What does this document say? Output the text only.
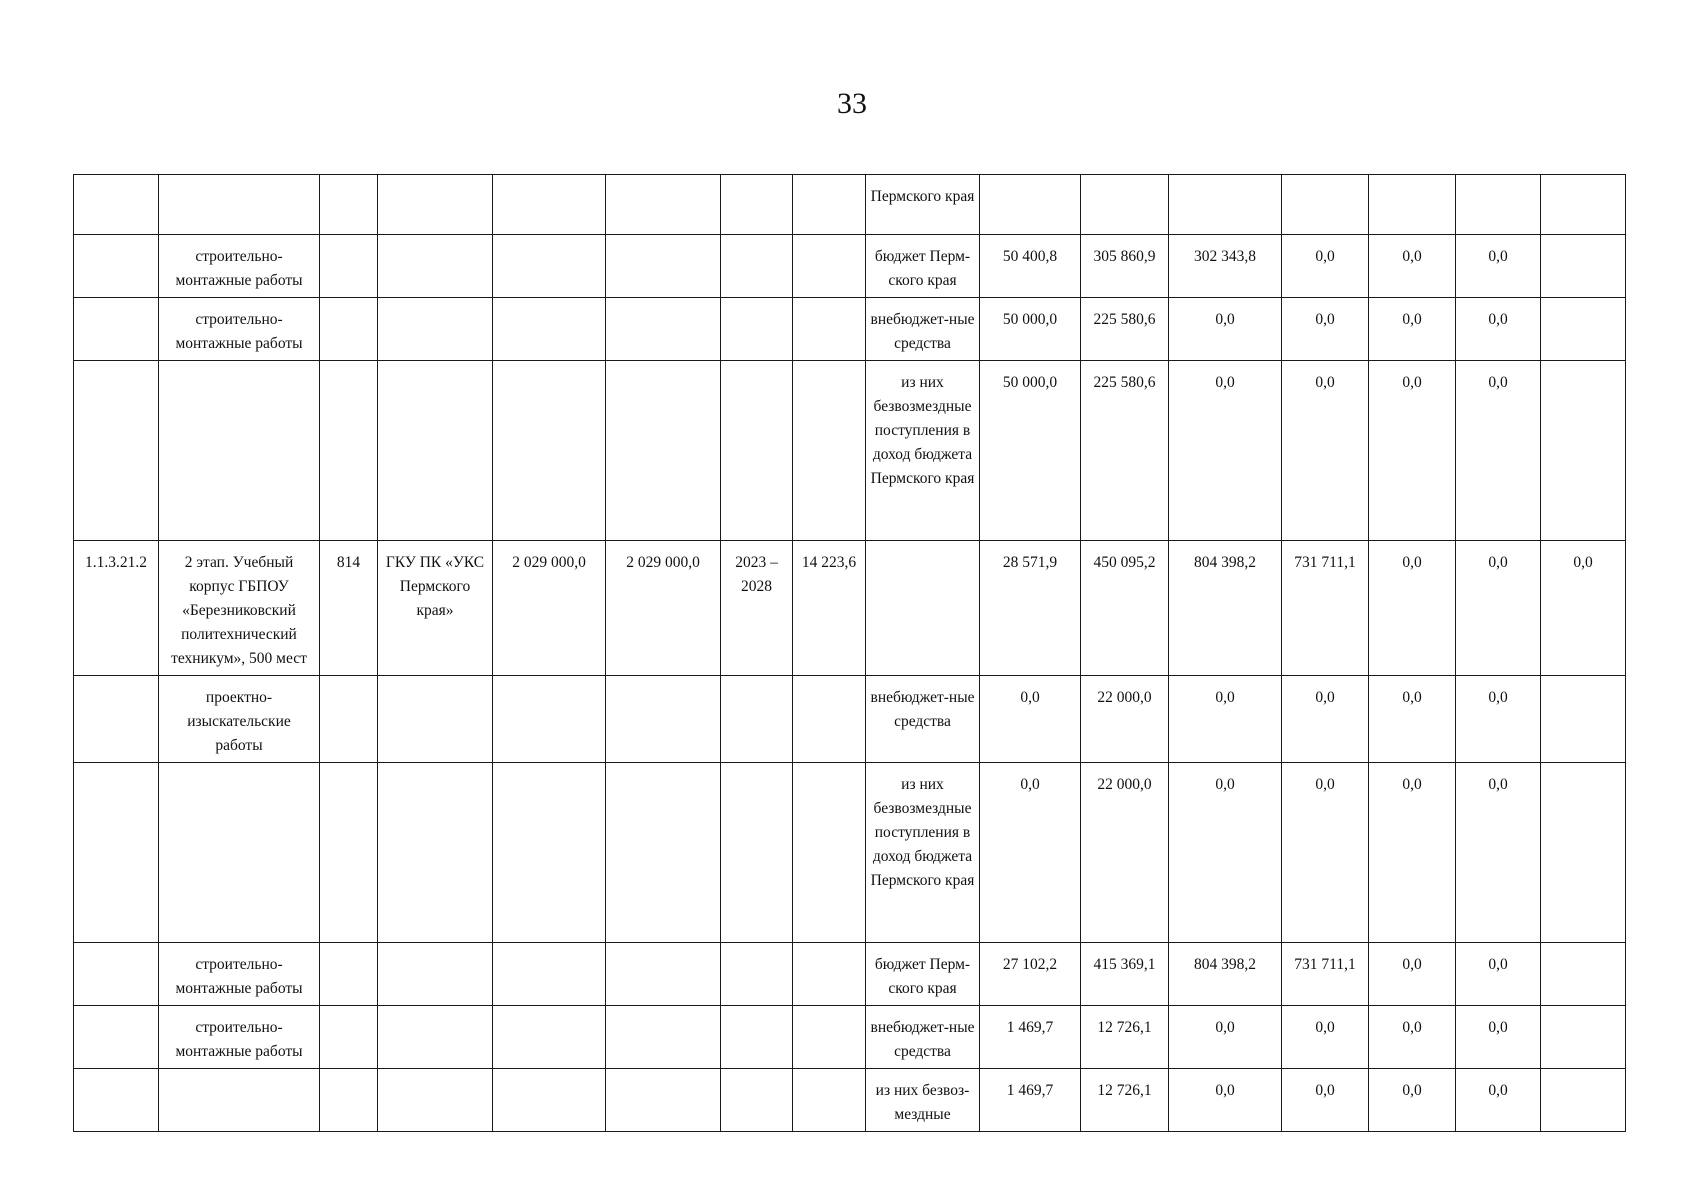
33
								Пермского края							
	строительно-монтажные работы							бюджет Перм-ского края	50 400,8	305 860,9	302 343,8	0,0	0,0	0,0	
	строительно-монтажные работы							внебюджет-ные средства	50 000,0	225 580,6	0,0	0,0	0,0	0,0	
								из них безвозмездные поступления в доход бюджета Пермского края	50 000,0	225 580,6	0,0	0,0	0,0	0,0	
1.1.3.21.2	2 этап. Учебный корпус ГБПОУ «Березниковский политехнический техникум», 500 мест	814	ГКУ ПК «УКС Пермского края»	2 029 000,0	2 029 000,0	2023 – 2028	14 223,6		28 571,9	450 095,2	804 398,2	731 711,1	0,0	0,0	0,0
	проектно-изыскательские работы							внебюджет-ные средства	0,0	22 000,0	0,0	0,0	0,0	0,0	
								из них безвозмездные поступления в доход бюджета Пермского края	0,0	22 000,0	0,0	0,0	0,0	0,0	
	строительно-монтажные работы							бюджет Перм-ского края	27 102,2	415 369,1	804 398,2	731 711,1	0,0	0,0	
	строительно-монтажные работы							внебюджет-ные средства	1 469,7	12 726,1	0,0	0,0	0,0	0,0	
								из них безвоз-мездные	1 469,7	12 726,1	0,0	0,0	0,0	0,0	
